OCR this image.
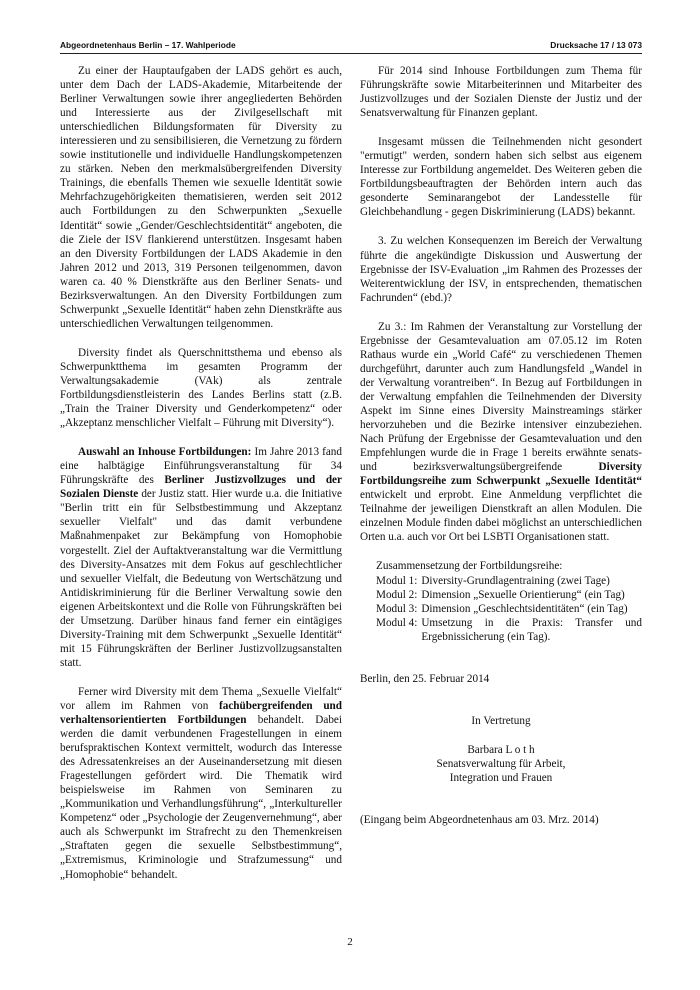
Abgeordnetenhaus Berlin – 17. Wahlperiode	Drucksache 17 / 13 073

Zu einer der Hauptaufgaben der LADS gehört es auch, unter dem Dach der LADS-Akademie, Mitarbeitende der Berliner Verwaltungen sowie ihrer angegliederten Behörden und Interessierte aus der Zivilgesellschaft mit unterschiedlichen Bildungsformaten für Diversity zu interessieren und zu sensibilisieren, die Vernetzung zu fördern sowie institutionelle und individuelle Handlungskompetenzen zu stärken. Neben den merkmalsübergreifenden Diversity Trainings, die ebenfalls Themen wie sexuelle Identität sowie Mehrfachzugehörigkeiten thematisieren, werden seit 2012 auch Fortbildungen zu den Schwerpunkten „Sexuelle Identität“ sowie „Gender/Geschlechtsidentität“ angeboten, die die Ziele der ISV flankierend unterstützen. Insgesamt haben an den Diversity Fortbildungen der LADS Akademie in den Jahren 2012 und 2013, 319 Personen teilgenommen, davon waren ca. 40 % Dienstkräfte aus den Berliner Senats- und Bezirksverwaltungen. An den Diversity Fortbildungen zum Schwerpunkt „Sexuelle Identität“ haben zehn Dienstkräfte aus unterschiedlichen Verwaltungen teilgenommen.

Diversity findet als Querschnittsthema und ebenso als Schwerpunktthema im gesamten Programm der Verwaltungsakademie (VAk) als zentrale Fortbildungsdienstleisterin des Landes Berlins statt (z.B. „Train the Trainer Diversity und Genderkompetenz“ oder „Akzeptanz menschlicher Vielfalt – Führung mit Diversity“).

Auswahl an Inhouse Fortbildungen: Im Jahre 2013 fand eine halbtägige Einführungsveranstaltung für 34 Führungskräfte des Berliner Justizvollzuges und der Sozialen Dienste der Justiz statt. Hier wurde u.a. die Initiative "Berlin tritt ein für Selbstbestimmung und Akzeptanz sexueller Vielfalt" und das damit verbundene Maßnahmenpaket zur Bekämpfung von Homophobie vorgestellt. Ziel der Auftaktveranstaltung war die Vermittlung des Diversity-Ansatzes mit dem Fokus auf geschlechtlicher und sexueller Vielfalt, die Bedeutung von Wertschätzung und Antidiskriminierung für die Berliner Verwaltung sowie den eigenen Arbeitskontext und die Rolle von Führungskräften bei der Umsetzung. Darüber hinaus fand ferner ein eintägiges Diversity-Training mit dem Schwerpunkt „Sexuelle Identität“ mit 15 Führungskräften der Berliner Justizvollzugsanstalten statt.

Ferner wird Diversity mit dem Thema „Sexuelle Vielfalt“ vor allem im Rahmen von fachübergreifenden und verhaltensorientierten Fortbildungen behandelt. Dabei werden die damit verbundenen Fragestellungen in einem berufspraktischen Kontext vermittelt, wodurch das Interesse des Adressatenkreises an der Auseinandersetzung mit diesen Fragestellungen gefördert wird. Die Thematik wird beispielsweise im Rahmen von Seminaren zu „Kommunikation und Verhandlungsführung“, „Interkultureller Kompetenz“ oder „Psychologie der Zeugenvernehmung“, aber auch als Schwerpunkt im Strafrecht zu den Themenkreisen „Straftaten gegen die sexuelle Selbstbestimmung“, „Extremismus, Kriminologie und Strafzumessung“ und „Homophobie“ behandelt.

Für 2014 sind Inhouse Fortbildungen zum Thema für Führungskräfte sowie Mitarbeiterinnen und Mitarbeiter des Justizvollzuges und der Sozialen Dienste der Justiz und der Senatsverwaltung für Finanzen geplant.

Insgesamt müssen die Teilnehmenden nicht gesondert "ermutigt" werden, sondern haben sich selbst aus eigenem Interesse zur Fortbildung angemeldet. Des Weiteren geben die Fortbildungsbeauftragten der Behörden intern auch das gesonderte Seminarangebot der Landesstelle für Gleichbehandlung - gegen Diskriminierung (LADS) bekannt.

3. Zu welchen Konsequenzen im Bereich der Verwaltung führte die angekündigte Diskussion und Auswertung der Ergebnisse der ISV-Evaluation „im Rahmen des Prozesses der Weiterentwicklung der ISV, in entsprechenden, thematischen Fachrunden“ (ebd.)?

Zu 3.: Im Rahmen der Veranstaltung zur Vorstellung der Ergebnisse der Gesamtevaluation am 07.05.12 im Roten Rathaus wurde ein „World Café“ zu verschiedenen Themen durchgeführt, darunter auch zum Handlungsfeld „Wandel in der Verwaltung vorantreiben“. In Bezug auf Fortbildungen in der Verwaltung empfahlen die Teilnehmenden der Diversity Aspekt im Sinne eines Diversity Mainstreamings stärker hervorzuheben und die Bezirke intensiver einzubeziehen. Nach Prüfung der Ergebnisse der Gesamtevaluation und den Empfehlungen wurde die in Frage 1 bereits erwähnte senats- und bezirksverwaltungsübergreifende Diversity Fortbildungsreihe zum Schwerpunkt „Sexuelle Identität“ entwickelt und erprobt. Eine Anmeldung verpflichtet die Teilnahme der jeweiligen Dienstkraft an allen Modulen. Die einzelnen Module finden dabei möglichst an unterschiedlichen Orten u.a. auch vor Ort bei LSBTI Organisationen statt.

Zusammensetzung der Fortbildungsreihe:
Modul 1: Diversity-Grundlagentraining (zwei Tage)
Modul 2: Dimension „Sexuelle Orientierung“ (ein Tag)
Modul 3: Dimension „Geschlechtsidentitäten“ (ein Tag)
Modul 4: Umsetzung in die Praxis: Transfer und Ergebnissicherung (ein Tag).

Berlin, den 25. Februar 2014

In Vertretung

Barbara L o t h

Senatsverwaltung für Arbeit,

Integration und Frauen

(Eingang beim Abgeordnetenhaus am 03. Mrz. 2014)

2
